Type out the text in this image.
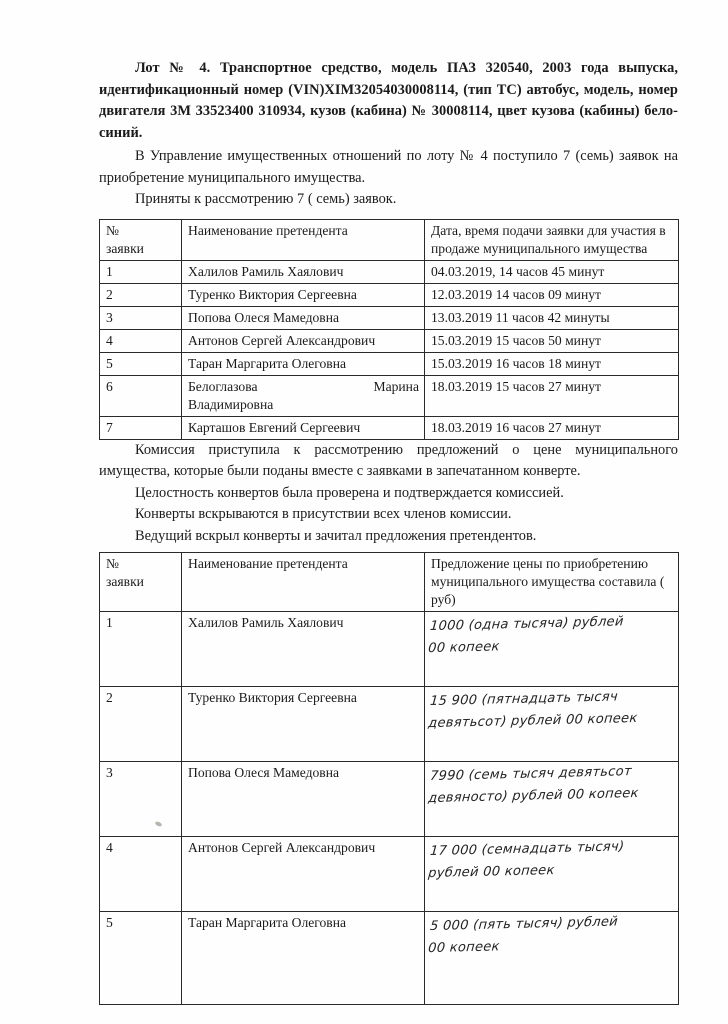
Лот № 4. Транспортное средство, модель ПАЗ 320540, 2003 года выпуска, идентификационный номер (VIN)XIM32054030008114, (тип ТС) автобус, модель, номер двигателя 3М 33523400 310934, кузов (кабина) № 30008114, цвет кузова (кабины) бело-синий.

В Управление имущественных отношений по лоту № 4 поступило 7 (семь) заявок на приобретение муниципального имущества.

Приняты к рассмотрению 7 ( семь) заявок.

№
заявки	Наименование претендента	Дата, время подачи заявки для участия в продаже муниципального имущества
1	Халилов Рамиль Хаялович	04.03.2019, 14 часов 45 минут
2	Туренко Виктория Сергеевна	12.03.2019 14 часов 09 минут
3	Попова Олеся Мамедовна	13.03.2019 11 часов 42 минуты
4	Антонов Сергей Александрович	15.03.2019 15 часов 50 минут
5	Таран Маргарита Олеговна	15.03.2019 16 часов 18 минут
6	Белоглазова Марина
Владимировна	18.03.2019 15 часов 27 минут
7	Карташов Евгений Сергеевич	18.03.2019 16 часов 27 минут

Комиссия приступила к рассмотрению предложений о цене муниципального имущества, которые были поданы вместе с заявками в запечатанном конверте.

Целостность конвертов была проверена и подтверждается комиссией.

Конверты вскрываются в присутствии всех членов комиссии.

Ведущий вскрыл конверты и зачитал предложения претендентов.

№
заявки	Наименование претендента	Предложение цены по приобретению муниципального имущества составила ( руб)
1	Халилов Рамиль Хаялович	1000 (одна тысяча) рублей
00 копеек

2	Туренко Виктория Сергеевна	15 900 (пятнадцать тысяч
девятьсот) рублей 00 копеек

3	Попова Олеся Мамедовна	7990 (семь тысяч девятьсот
девяносто) рублей 00 копеек

4	Антонов Сергей Александрович	17 000 (семнадцать тысяч)
рублей 00 копеек

5	Таран Маргарита Олеговна	5 000 (пять тысяч) рублей
00 копеек
